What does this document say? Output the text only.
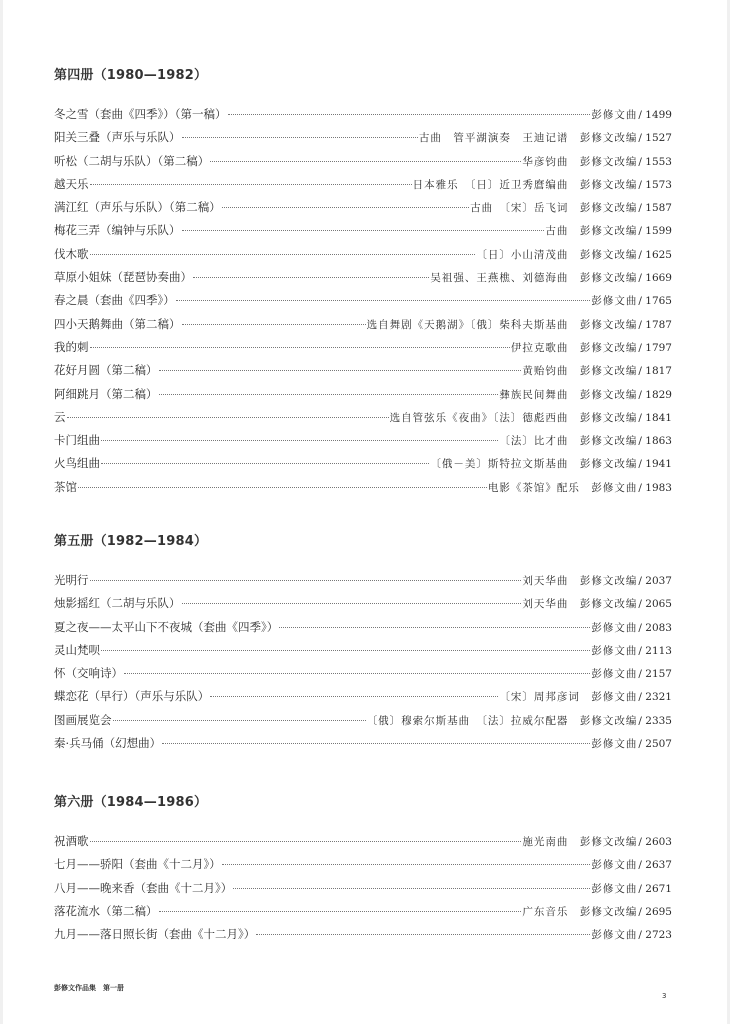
第四册（1980—1982）
冬之雪（套曲《四季》）（第一稿）	彭修文曲 / 1499
阳关三叠（声乐与乐队）	古曲　管平湖演奏　王迪记谱　彭修文改编 / 1527
听松（二胡与乐队）（第二稿）	华彦钧曲　彭修文改编 / 1553
越天乐	日本雅乐　〔日〕近卫秀麿编曲　彭修文改编 / 1573
满江红（声乐与乐队）（第二稿）	古曲　〔宋〕岳飞词　彭修文改编 / 1587
梅花三弄（编钟与乐队）	古曲　彭修文改编 / 1599
伐木歌	〔日〕小山清茂曲　彭修文改编 / 1625
草原小姐妹（琵琶协奏曲）	吴祖强、王燕樵、刘德海曲　彭修文改编 / 1669
春之晨（套曲《四季》）	彭修文曲 / 1765
四小天鹅舞曲（第二稿）	选自舞剧《天鹅湖》〔俄〕柴科夫斯基曲　彭修文改编 / 1787
我的刺	伊拉克歌曲　彭修文改编 / 1797
花好月圆（第二稿）	黄贻钧曲　彭修文改编 / 1817
阿细跳月（第二稿）	彝族民间舞曲　彭修文改编 / 1829
云	选自管弦乐《夜曲》〔法〕德彪西曲　彭修文改编 / 1841
卡门组曲	〔法〕比才曲　彭修文改编 / 1863
火鸟组曲	〔俄－美〕斯特拉文斯基曲　彭修文改编 / 1941
茶馆	电影《茶馆》配乐　彭修文曲 / 1983
第五册（1982—1984）
光明行	刘天华曲　彭修文改编 / 2037
烛影摇红（二胡与乐队）	刘天华曲　彭修文改编 / 2065
夏之夜——太平山下不夜城（套曲《四季》）	彭修文曲 / 2083
灵山梵呗	彭修文曲 / 2113
怀（交响诗）	彭修文曲 / 2157
蝶恋花（早行）（声乐与乐队）	〔宋〕周邦彦词　彭修文曲 / 2321
图画展览会	〔俄〕穆索尔斯基曲　〔法〕拉威尔配器　彭修文改编 / 2335
秦·兵马俑（幻想曲）	彭修文曲 / 2507
第六册（1984—1986）
祝酒歌	施光南曲　彭修文改编 / 2603
七月——骄阳（套曲《十二月》）	彭修文曲 / 2637
八月——晚来香（套曲《十二月》）	彭修文曲 / 2671
落花流水（第二稿）	广东音乐　彭修文改编 / 2695
九月——落日照长街（套曲《十二月》）	彭修文曲 / 2723
彭修文作品集　第一册
3
